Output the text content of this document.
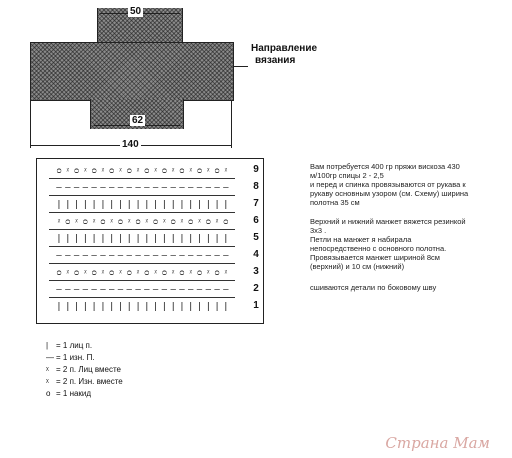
50
62
140
Направление
вязания
ᴑ ᵡ ᴑ ᵡ ᴑ ᵡ ᴑ ᵡ ᴑ ᵡ ᴑ ᵡ ᴑ ᵡ ᴑ ᵡ ᴑ ᵡ ᴑ ᵡ	9
— — — — — — — — — — — — — — — — — — — —	8
| | | | | | | | | | | | | | | | | | | |	7
ᵡ ᴑ ᵡ ᴑ ᵡ ᴑ ᵡ ᴑ ᵡ ᴑ ᵡ ᴑ ᵡ ᴑ ᵡ ᴑ ᵡ ᴑ ᵡ ᴑ	6
| | | | | | | | | | | | | | | | | | | |	5
— — — — — — — — — — — — — — — — — — — —	4
ᴑ ᵡ ᴑ ᵡ ᴑ ᵡ ᴑ ᵡ ᴑ ᵡ ᴑ ᵡ ᴑ ᵡ ᴑ ᵡ ᴑ ᵡ ᴑ ᵡ	3
— — — — — — — — — — — — — — — — — — — —	2
| | | | | | | | | | | | | | | | | | | |	1
Вам потребуется 400 гр пряжи вискоза 430
м/100гр спицы 2 - 2,5
и перед и спинка провязываются от рукава к
рукаву основным узором (см. Схему) ширина
полотна 35 см
Верхний и нижний манжет вяжется резинкой
3х3 .
Петли на манжет я набирала
непосредственно с основного полотна.
Провязывается манжет шириной 8см
(верхний) и 10 см (нижний)
сшиваются детали по боковому шву
| = 1 лиц п.
— = 1 изн. П.
ᵡ = 2 п. Лиц вместе
ᵡ = 2 п. Изн. вместе
о = 1 накид
Страна Мам
